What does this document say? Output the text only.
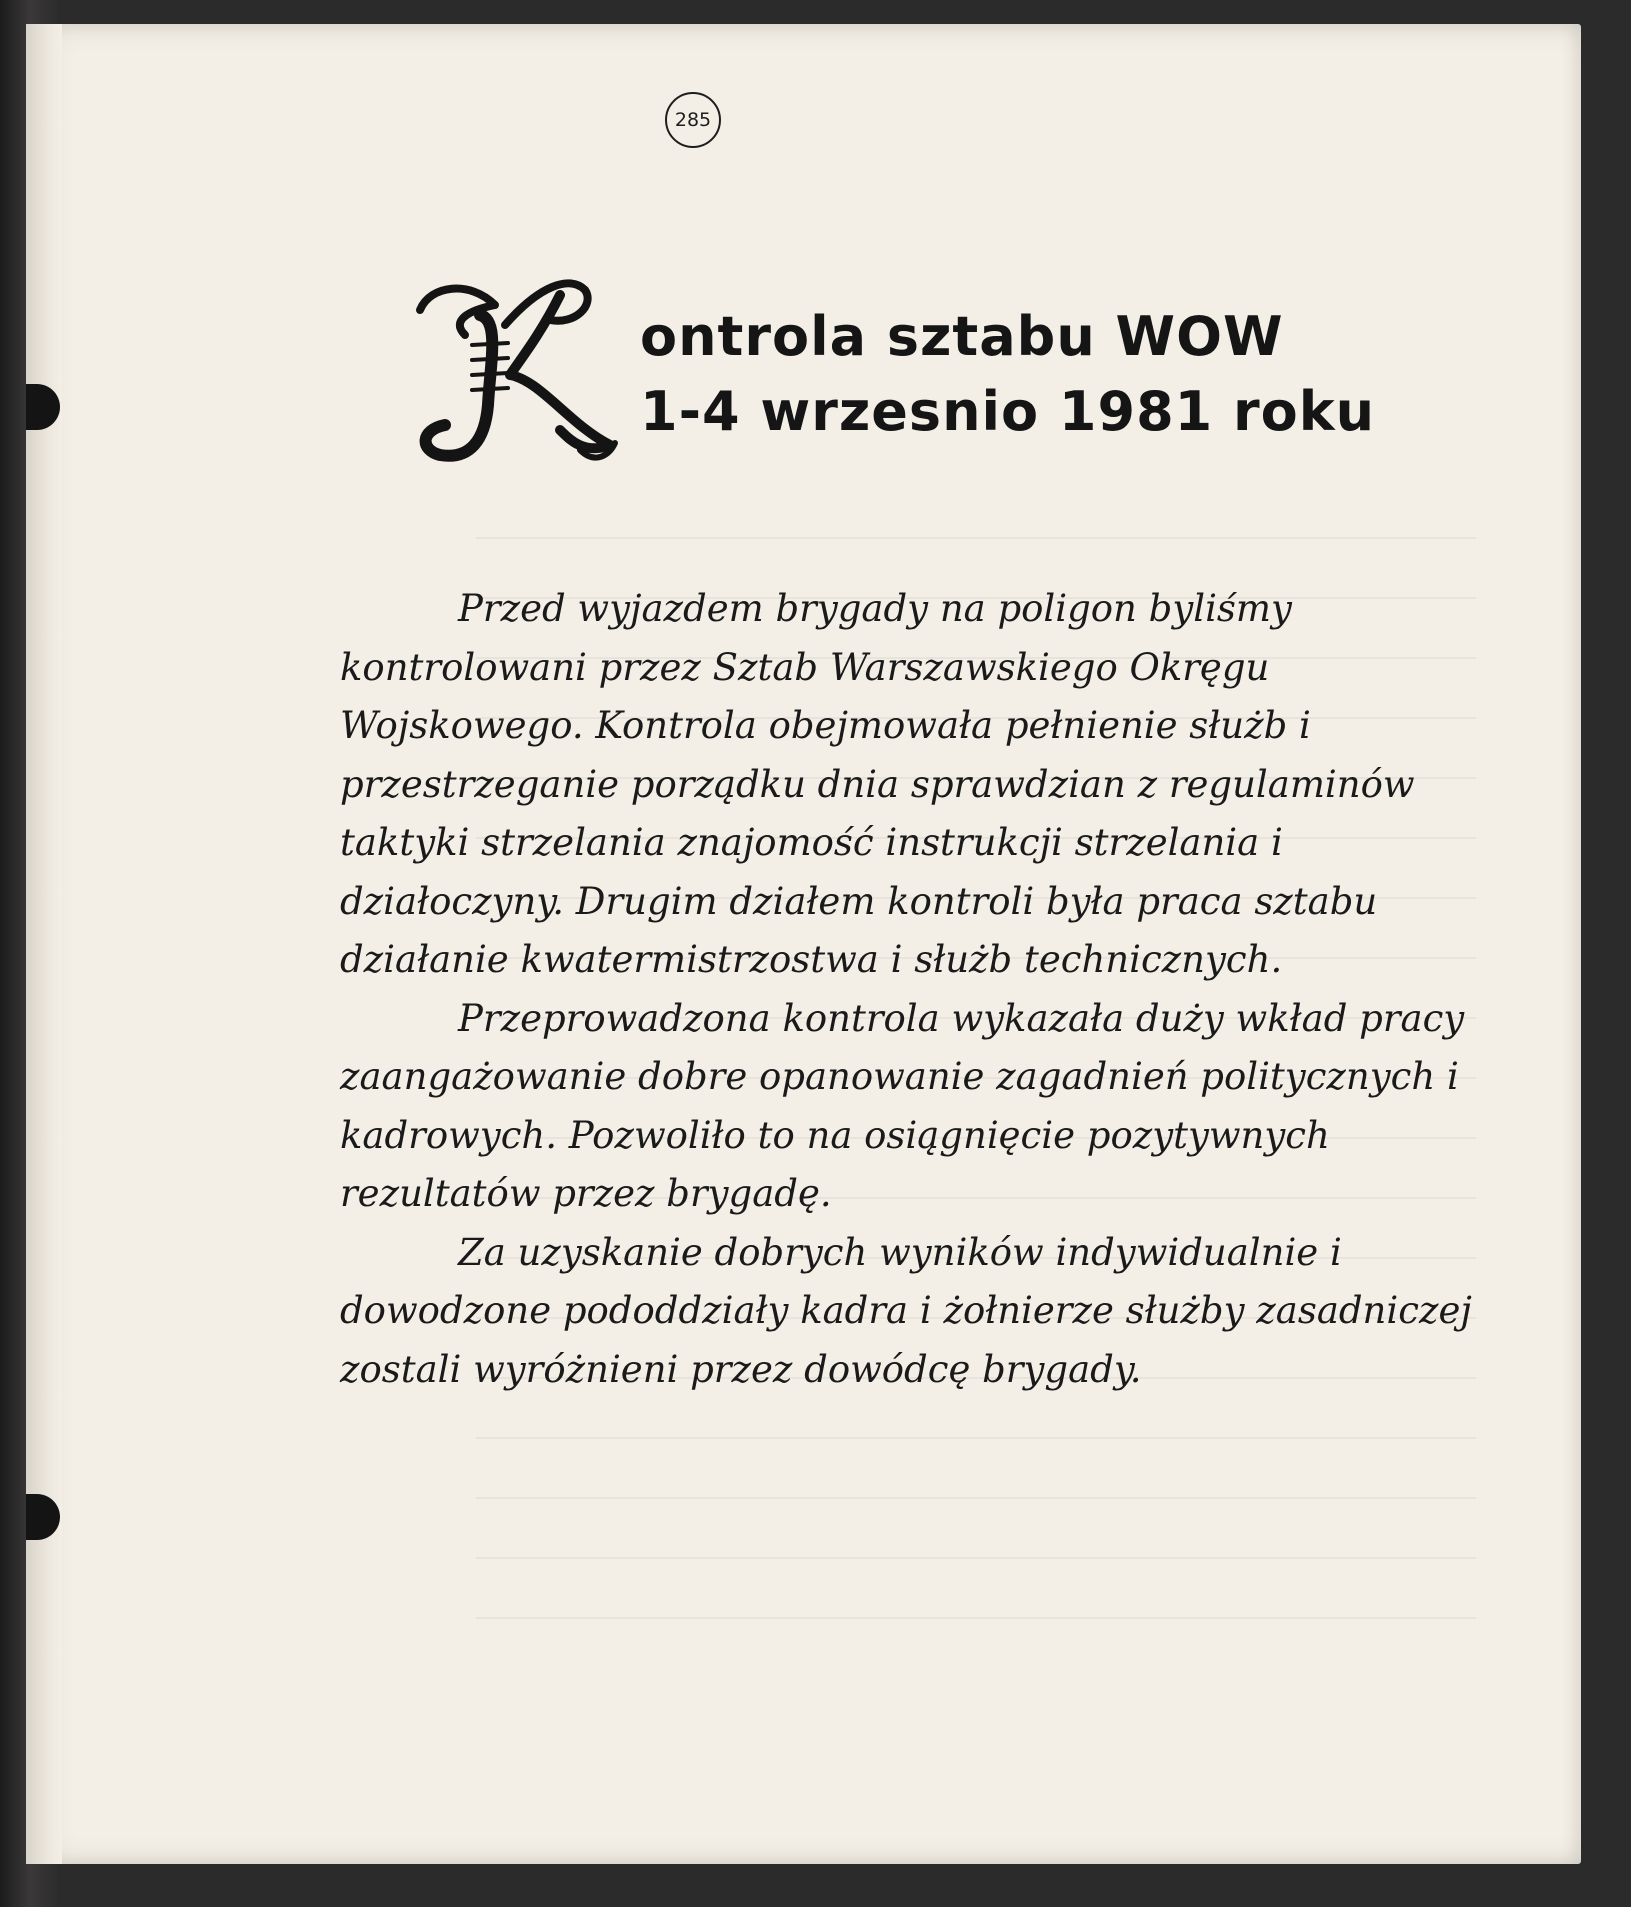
285
K
ontrola sztabu WOW
1-4 wrzesnio 1981 roku

Przed wyjazdem brygady na poligon byliśmy kontrolowani przez Sztab Warszawskiego Okręgu Wojskowego. Kontrola obejmowała pełnienie służb i przestrzeganie porządku dnia sprawdzian z regulaminów taktyki strzelania znajomość instrukcji strzelania i działoczyny. Drugim działem kontroli była praca sztabu działanie kwatermistrzostwa i służb technicznych.

Przeprowadzona kontrola wykazała duży wkład pracy zaangażowanie dobre opanowanie zagadnień politycznych i kadrowych. Pozwoliło to na osiągnięcie pozytywnych rezultatów przez brygadę.

Za uzyskanie dobrych wyników indywidualnie i dowodzone pododdziały kadra i żołnierze służby zasadniczej zostali wyróżnieni przez dowódcę brygady.
